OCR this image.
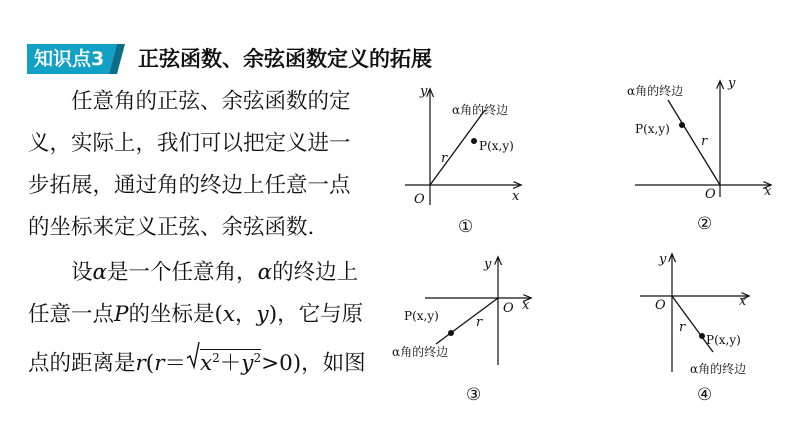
知识点3 正弦函数、余弦函数定义的拓展
　　任意角的正弦、余弦函数的定
义，实际上，我们可以把定义进一
步拓展，通过角的终边上任意一点
的坐标来定义正弦、余弦函数.
　　设α是一个任意角，α的终边上
任意一点P的坐标是(x，y)，它与原
点的距离是$r(r= x^2+y^2>0)$，如图
y
x
O
r
P(x,y)
α角的终边
①
y
x
O
r
P(x,y)
α角的终边
②
y
x
O
r
P(x,y)
α角的终边
③
y
x
O
r
P(x,y)
α角的终边
④
